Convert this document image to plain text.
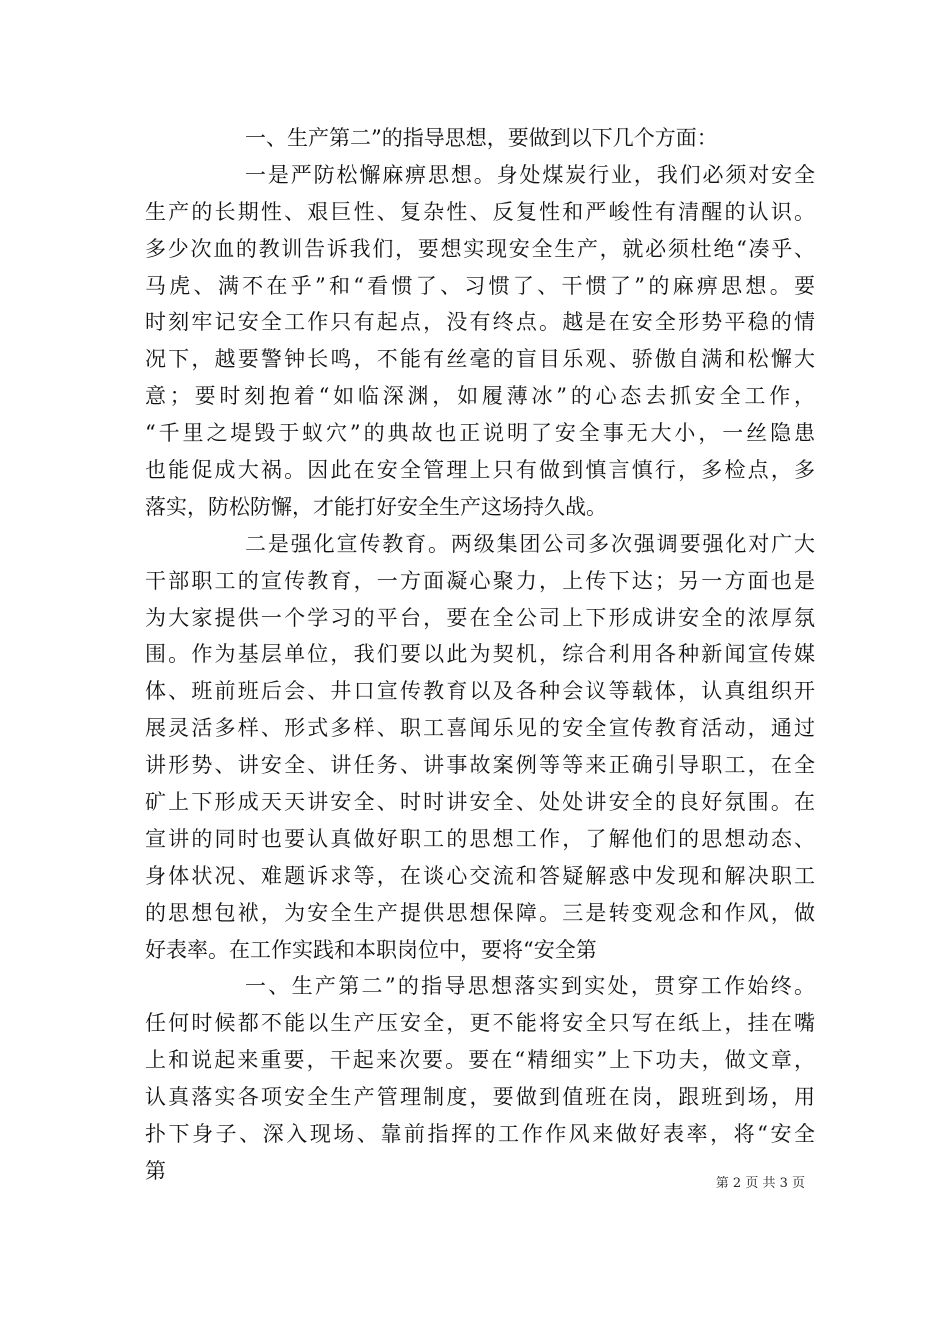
一、生产第二”的指导思想，要做到以下几个方面：
一是严防松懈麻痹思想。身处煤炭行业，我们必须对安全
生产的长期性、艰巨性、复杂性、反复性和严峻性有清醒的认识。
多少次血的教训告诉我们，要想实现安全生产，就必须杜绝“凑乎、
马虎、满不在乎”和“看惯了、习惯了、干惯了”的麻痹思想。要
时刻牢记安全工作只有起点，没有终点。越是在安全形势平稳的情
况下，越要警钟长鸣，不能有丝毫的盲目乐观、骄傲自满和松懈大
意；要时刻抱着“如临深渊，如履薄冰”的心态去抓安全工作，
“千里之堤毁于蚁穴”的典故也正说明了安全事无大小，一丝隐患
也能促成大祸。因此在安全管理上只有做到慎言慎行，多检点，多
落实，防松防懈，才能打好安全生产这场持久战。
二是强化宣传教育。两级集团公司多次强调要强化对广大
干部职工的宣传教育，一方面凝心聚力，上传下达；另一方面也是
为大家提供一个学习的平台，要在全公司上下形成讲安全的浓厚氛
围。作为基层单位，我们要以此为契机，综合利用各种新闻宣传媒
体、班前班后会、井口宣传教育以及各种会议等载体，认真组织开
展灵活多样、形式多样、职工喜闻乐见的安全宣传教育活动，通过
讲形势、讲安全、讲任务、讲事故案例等等来正确引导职工，在全
矿上下形成天天讲安全、时时讲安全、处处讲安全的良好氛围。在
宣讲的同时也要认真做好职工的思想工作，了解他们的思想动态、
身体状况、难题诉求等，在谈心交流和答疑解惑中发现和解决职工
的思想包袱，为安全生产提供思想保障。三是转变观念和作风，做
好表率。在工作实践和本职岗位中，要将“安全第
一、生产第二”的指导思想落实到实处，贯穿工作始终。
任何时候都不能以生产压安全，更不能将安全只写在纸上，挂在嘴
上和说起来重要，干起来次要。要在“精细实”上下功夫，做文章，
认真落实各项安全生产管理制度，要做到值班在岗，跟班到场，用
扑下身子、深入现场、靠前指挥的工作作风来做好表率，将“安全
第
第 2 页 共 3 页
